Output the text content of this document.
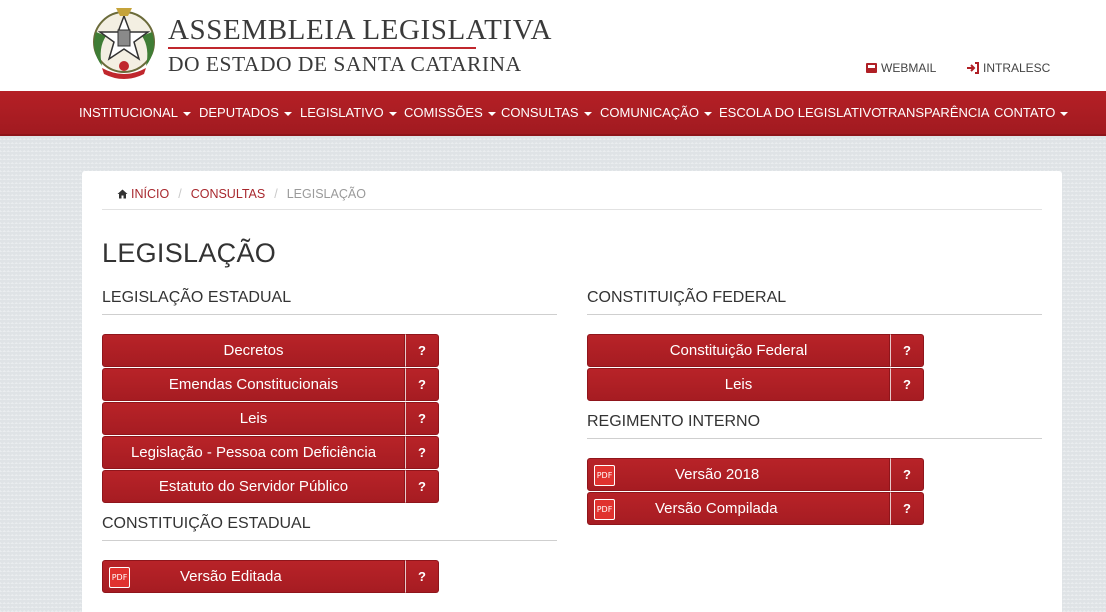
ASSEMBLEIA LEGISLATIVA
DO ESTADO DE SANTA CATARINA	WEBMAIL	INTRALESC
INSTITUCIONAL	DEPUTADOS	LEGISLATIVO	COMISSÕES	CONSULTAS	COMUNICAÇÃO	ESCOLA DO LEGISLATIVO
TRANSPARÊNCIA CONTATO
INÍCIO / CONSULTAS / LEGISLAÇÃO
LEGISLAÇÃO
LEGISLAÇÃO ESTADUAL
Decretos	?
Emendas Constitucionais	?
Leis	?
Legislação - Pessoa com Deficiência	?
Estatuto do Servidor Público	?
CONSTITUIÇÃO ESTADUAL
PDF	Versão Editada	?
CONSTITUIÇÃO FEDERAL
Constituição Federal	?
Leis	?
REGIMENTO INTERNO
PDF	Versão 2018	?
PDF	Versão Compilada	?
